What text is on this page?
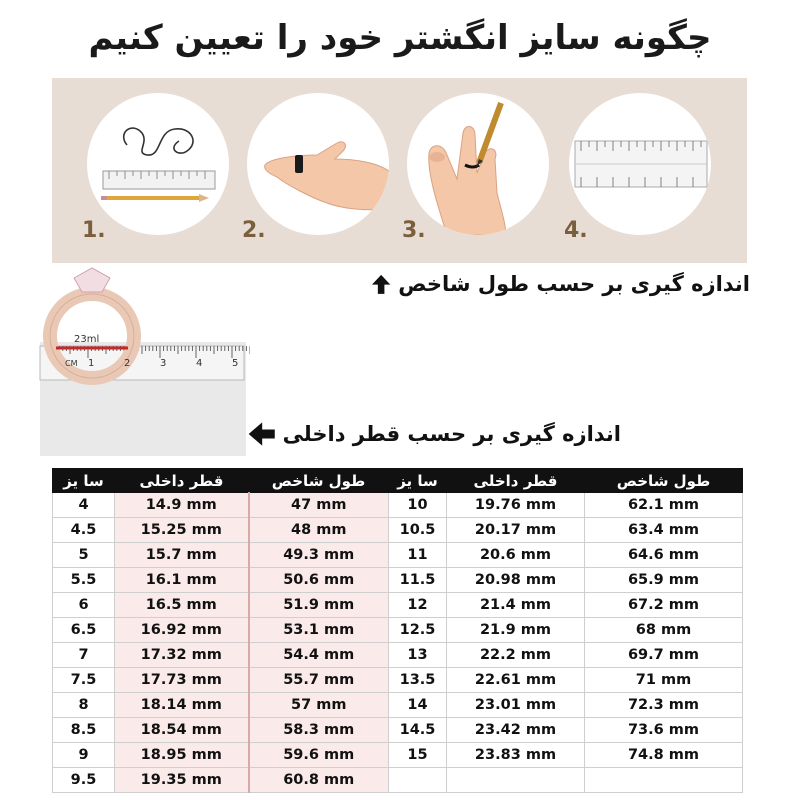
چگونه سایز انگشتر خود را تعیین کنیم
1.	2.	3.	4.
اندازه گیری بر حسب طول شاخص
23ml
CM 1	2	3	4	5
اندازه گیری بر حسب قطر داخلی
سا یز	قطر داخلی	طول شاخص	سا یز	قطر داخلی	طول شاخص
4	14.9 mm	47 mm	10	19.76 mm	62.1 mm
4.5	15.25 mm	48 mm	10.5	20.17 mm	63.4 mm
5	15.7 mm	49.3 mm	11	20.6 mm	64.6 mm
5.5	16.1 mm	50.6 mm	11.5	20.98 mm	65.9 mm
6	16.5 mm	51.9 mm	12	21.4 mm	67.2 mm
6.5	16.92 mm	53.1 mm	12.5	21.9 mm	68 mm
7	17.32 mm	54.4 mm	13	22.2 mm	69.7 mm
7.5	17.73 mm	55.7 mm	13.5	22.61 mm	71 mm
8	18.14 mm	57 mm	14	23.01 mm	72.3 mm
8.5	18.54 mm	58.3 mm	14.5	23.42 mm	73.6 mm
9	18.95 mm	59.6 mm	15	23.83 mm	74.8 mm
9.5	19.35 mm	60.8 mm			
